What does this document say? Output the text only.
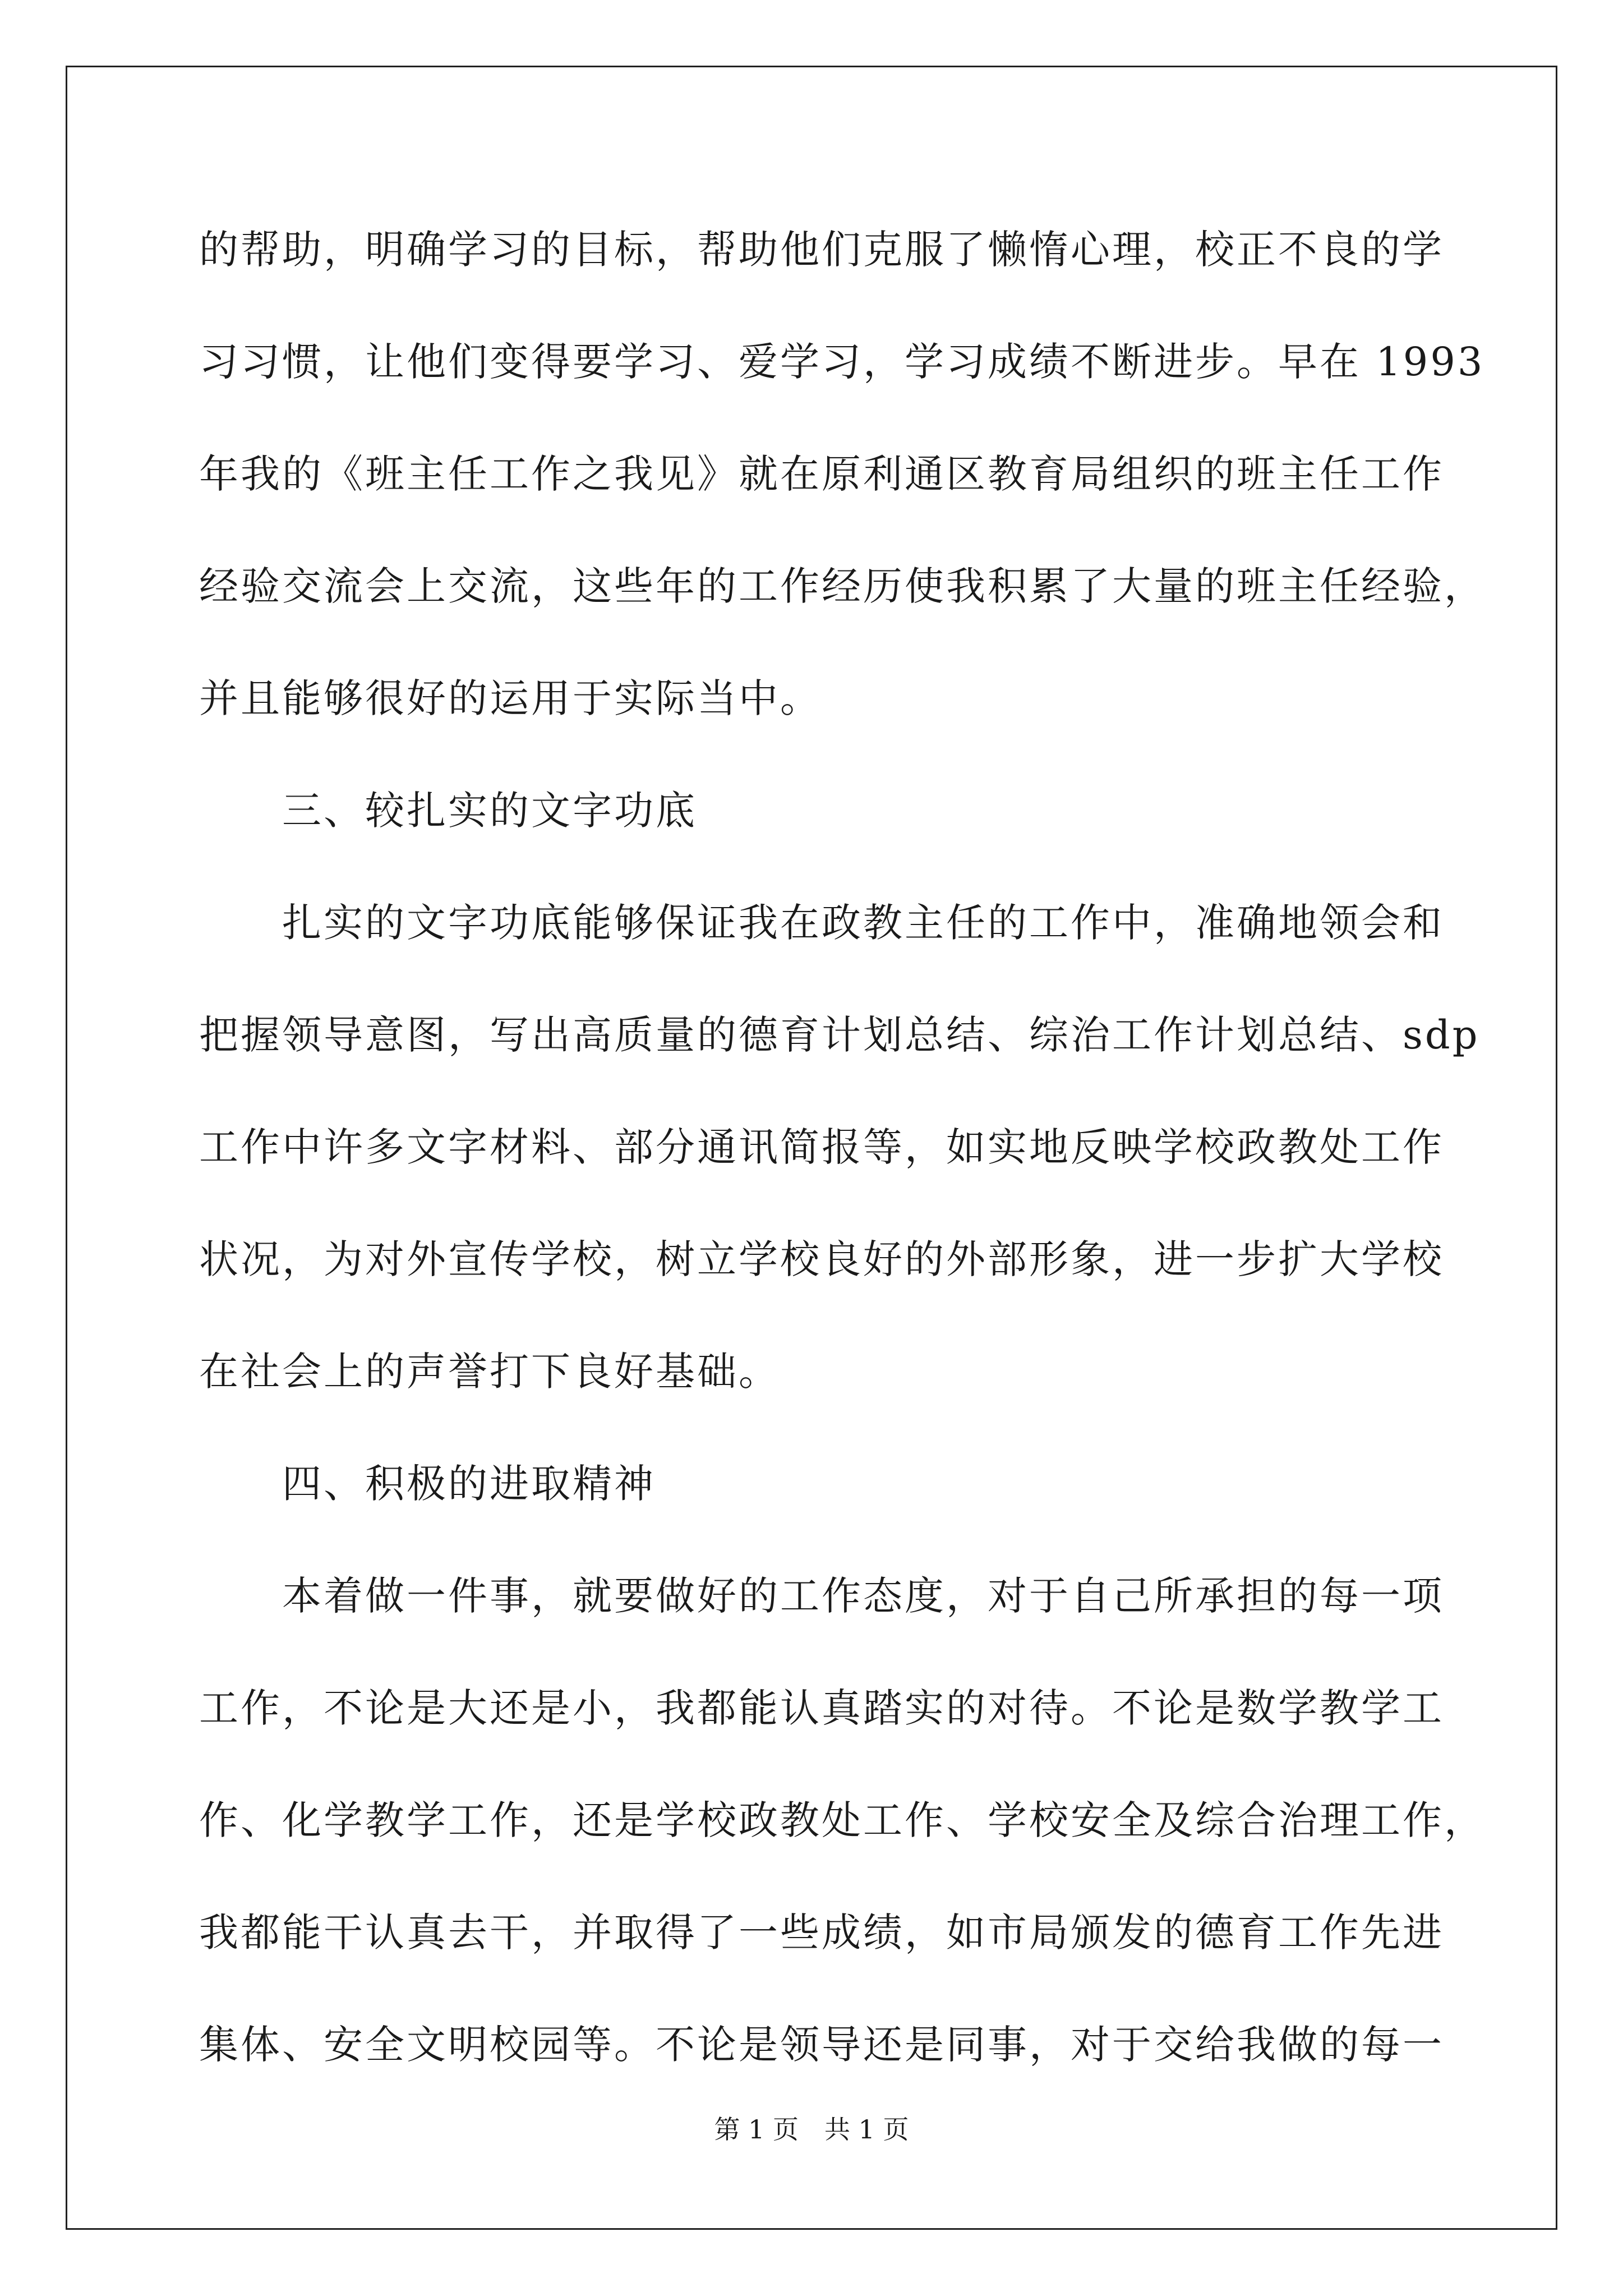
的帮助，明确学习的目标，帮助他们克服了懒惰心理，校正不良的学
习习惯，让他们变得要学习、爱学习，学习成绩不断进步。早在 1993
年我的《班主任工作之我见》就在原利通区教育局组织的班主任工作
经验交流会上交流，这些年的工作经历使我积累了大量的班主任经验，
并且能够很好的运用于实际当中。
　　三、较扎实的文字功底
　　扎实的文字功底能够保证我在政教主任的工作中，准确地领会和
把握领导意图，写出高质量的德育计划总结、综治工作计划总结、sdp
工作中许多文字材料、部分通讯简报等，如实地反映学校政教处工作
状况，为对外宣传学校，树立学校良好的外部形象，进一步扩大学校
在社会上的声誉打下良好基础。
　　四、积极的进取精神
　　本着做一件事，就要做好的工作态度，对于自己所承担的每一项
工作，不论是大还是小，我都能认真踏实的对待。不论是数学教学工
作、化学教学工作，还是学校政教处工作、学校安全及综合治理工作，
我都能干认真去干，并取得了一些成绩，如市局颁发的德育工作先进
集体、安全文明校园等。不论是领导还是同事，对于交给我做的每一
第 1 页　共 1 页
